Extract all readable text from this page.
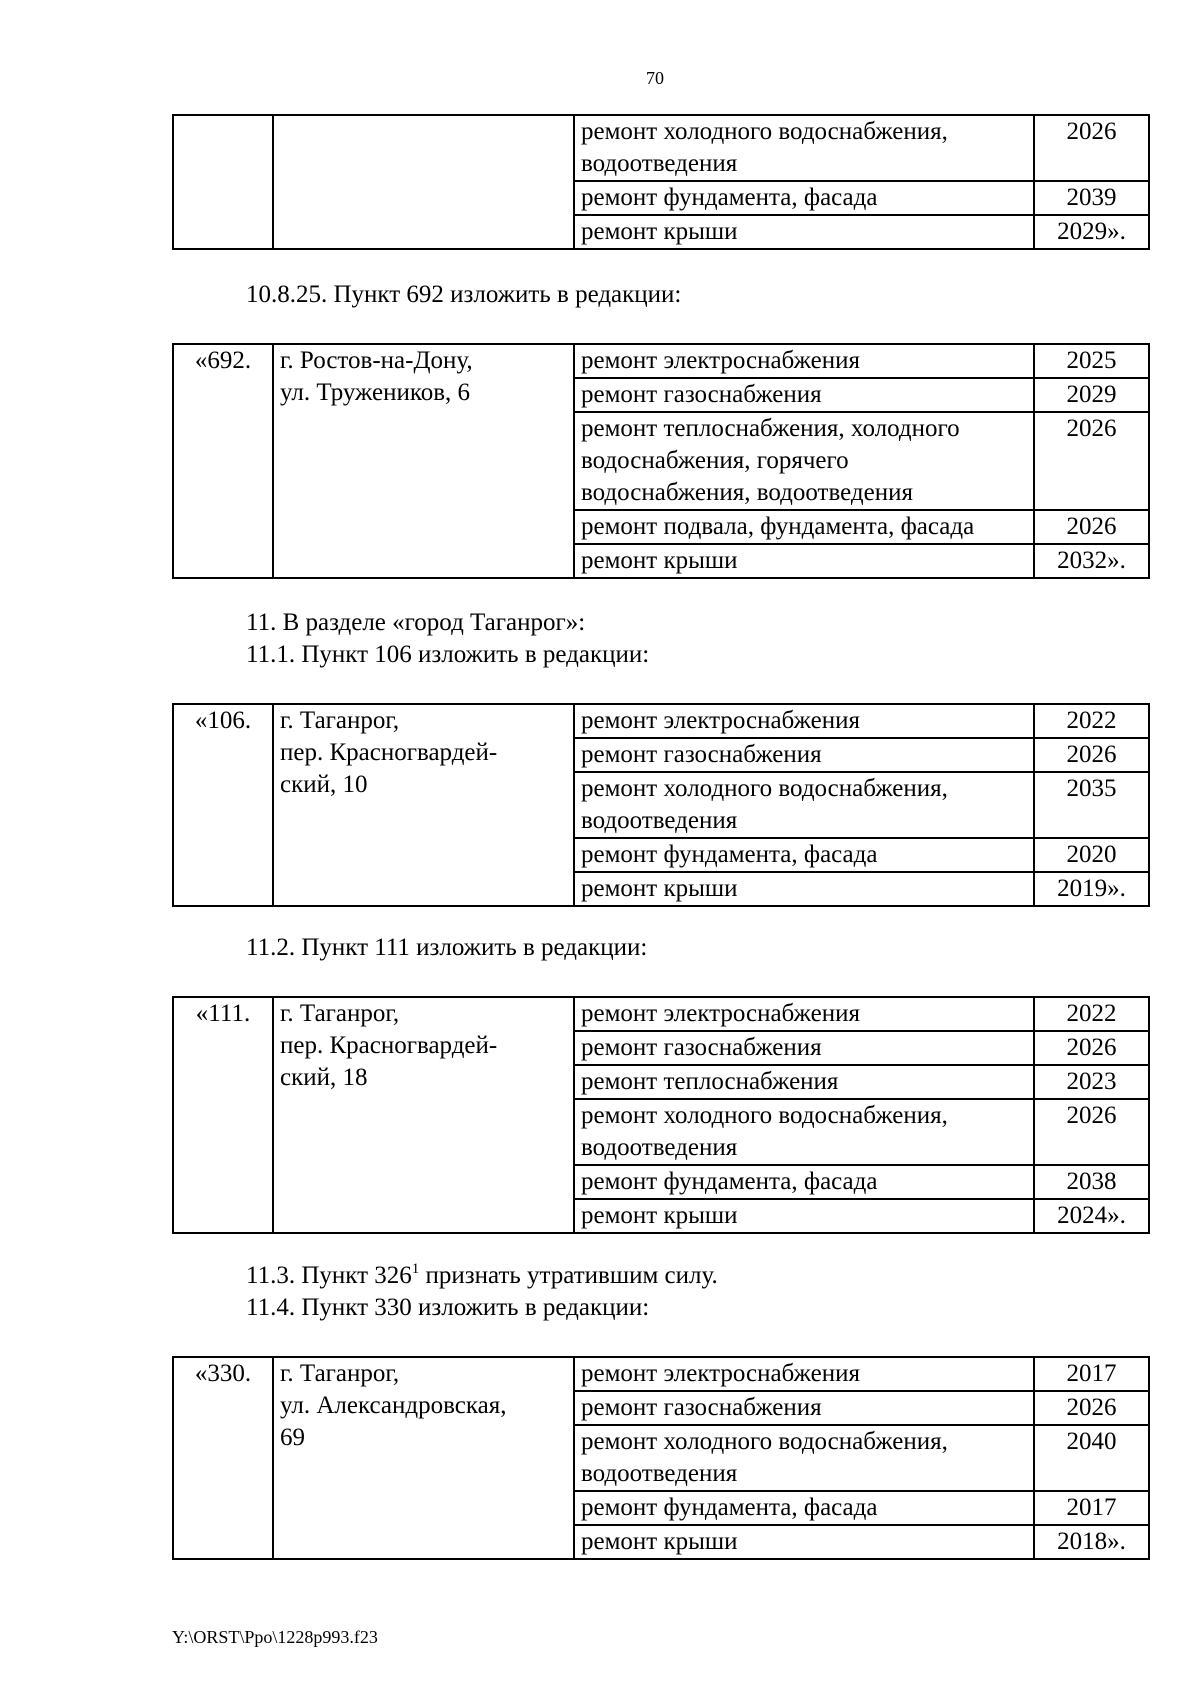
70
		ремонт холодного водоснабжения,
водоотведения	2026
		ремонт фундамента, фасада	2039
		ремонт крыши	2029».
10.8.25. Пункт 692 изложить в редакции:
«692.	г. Ростов-на-Дону,
ул. Тружеников, 6	ремонт электроснабжения	2025
		ремонт газоснабжения	2029
		ремонт теплоснабжения, холодного
водоснабжения, горячего
водоснабжения, водоотведения	2026
		ремонт подвала, фундамента, фасада	2026
		ремонт крыши	2032».
11. В разделе «город Таганрог»:
11.1. Пункт 106 изложить в редакции:
«106.	г. Таганрог,
пер. Красногвардей-
ский, 10	ремонт электроснабжения	2022
		ремонт газоснабжения	2026
		ремонт холодного водоснабжения,
водоотведения	2035
		ремонт фундамента, фасада	2020
		ремонт крыши	2019».
11.2. Пункт 111 изложить в редакции:
«111.	г. Таганрог,
пер. Красногвардей-
ский, 18	ремонт электроснабжения	2022
		ремонт газоснабжения	2026
		ремонт теплоснабжения	2023
		ремонт холодного водоснабжения,
водоотведения	2026
		ремонт фундамента, фасада	2038
		ремонт крыши	2024».
11.3. Пункт $326^1$ признать утратившим силу.
11.4. Пункт 330 изложить в редакции:
«330.	г. Таганрог,
ул. Александровская,
69	ремонт электроснабжения	2017
		ремонт газоснабжения	2026
		ремонт холодного водоснабжения,
водоотведения	2040
		ремонт фундамента, фасада	2017
		ремонт крыши	2018».
Y:\ORST\Ppo\1228p993.f23
